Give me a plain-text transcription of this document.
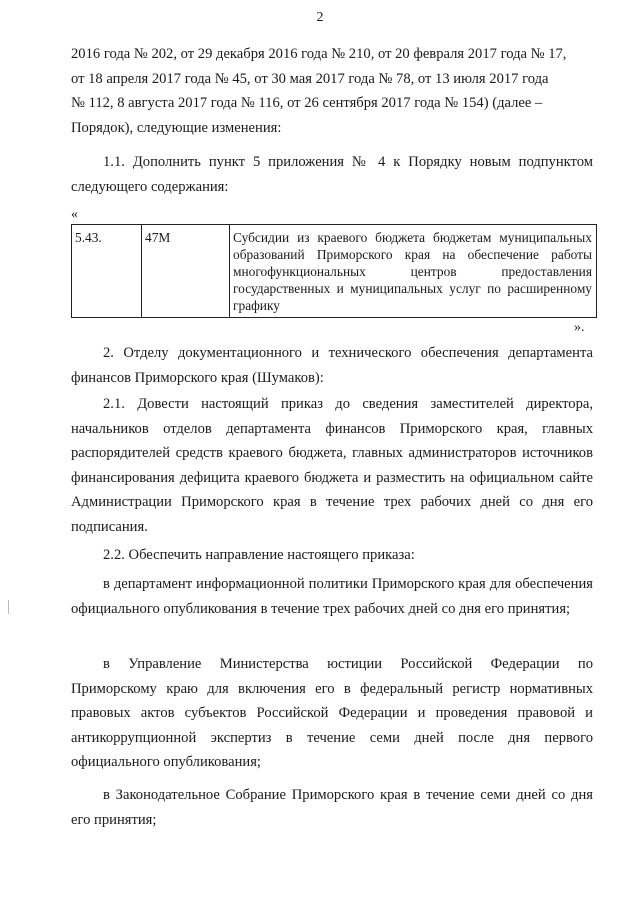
2
2016 года № 202, от 29 декабря 2016 года № 210, от 20 февраля 2017 года № 17,
от 18 апреля 2017 года № 45, от 30 мая 2017 года № 78, от 13 июля 2017 года
№ 112, 8 августа 2017 года № 116, от 26 сентября 2017 года № 154) (далее –
Порядок), следующие изменения:
1.1. Дополнить пункт 5 приложения № 4 к Порядку новым подпунктом следующего содержания:
«
5.43.	47М	Субсидии из краевого бюджета бюджетам муниципальных образований Приморского края на обеспечение работы многофункциональных центров предоставления государственных и муниципальных услуг по расширенному графику
».
2. Отделу документационного и технического обеспечения департамента финансов Приморского края (Шумаков):
2.1. Довести настоящий приказ до сведения заместителей директора, начальников отделов департамента финансов Приморского края, главных распорядителей средств краевого бюджета, главных администраторов источников финансирования дефицита краевого бюджета и разместить на официальном сайте Администрации Приморского края в течение трех рабочих дней со дня его подписания.
2.2. Обеспечить направление настоящего приказа:
в департамент информационной политики Приморского края для обеспечения официального опубликования в течение трех рабочих дней со дня его принятия;
в Управление Министерства юстиции Российской Федерации по Приморскому краю для включения его в федеральный регистр нормативных правовых актов субъектов Российской Федерации и проведения правовой и антикоррупционной экспертиз в течение семи дней после дня первого официального опубликования;
в Законодательное Собрание Приморского края в течение семи дней со дня его принятия;
